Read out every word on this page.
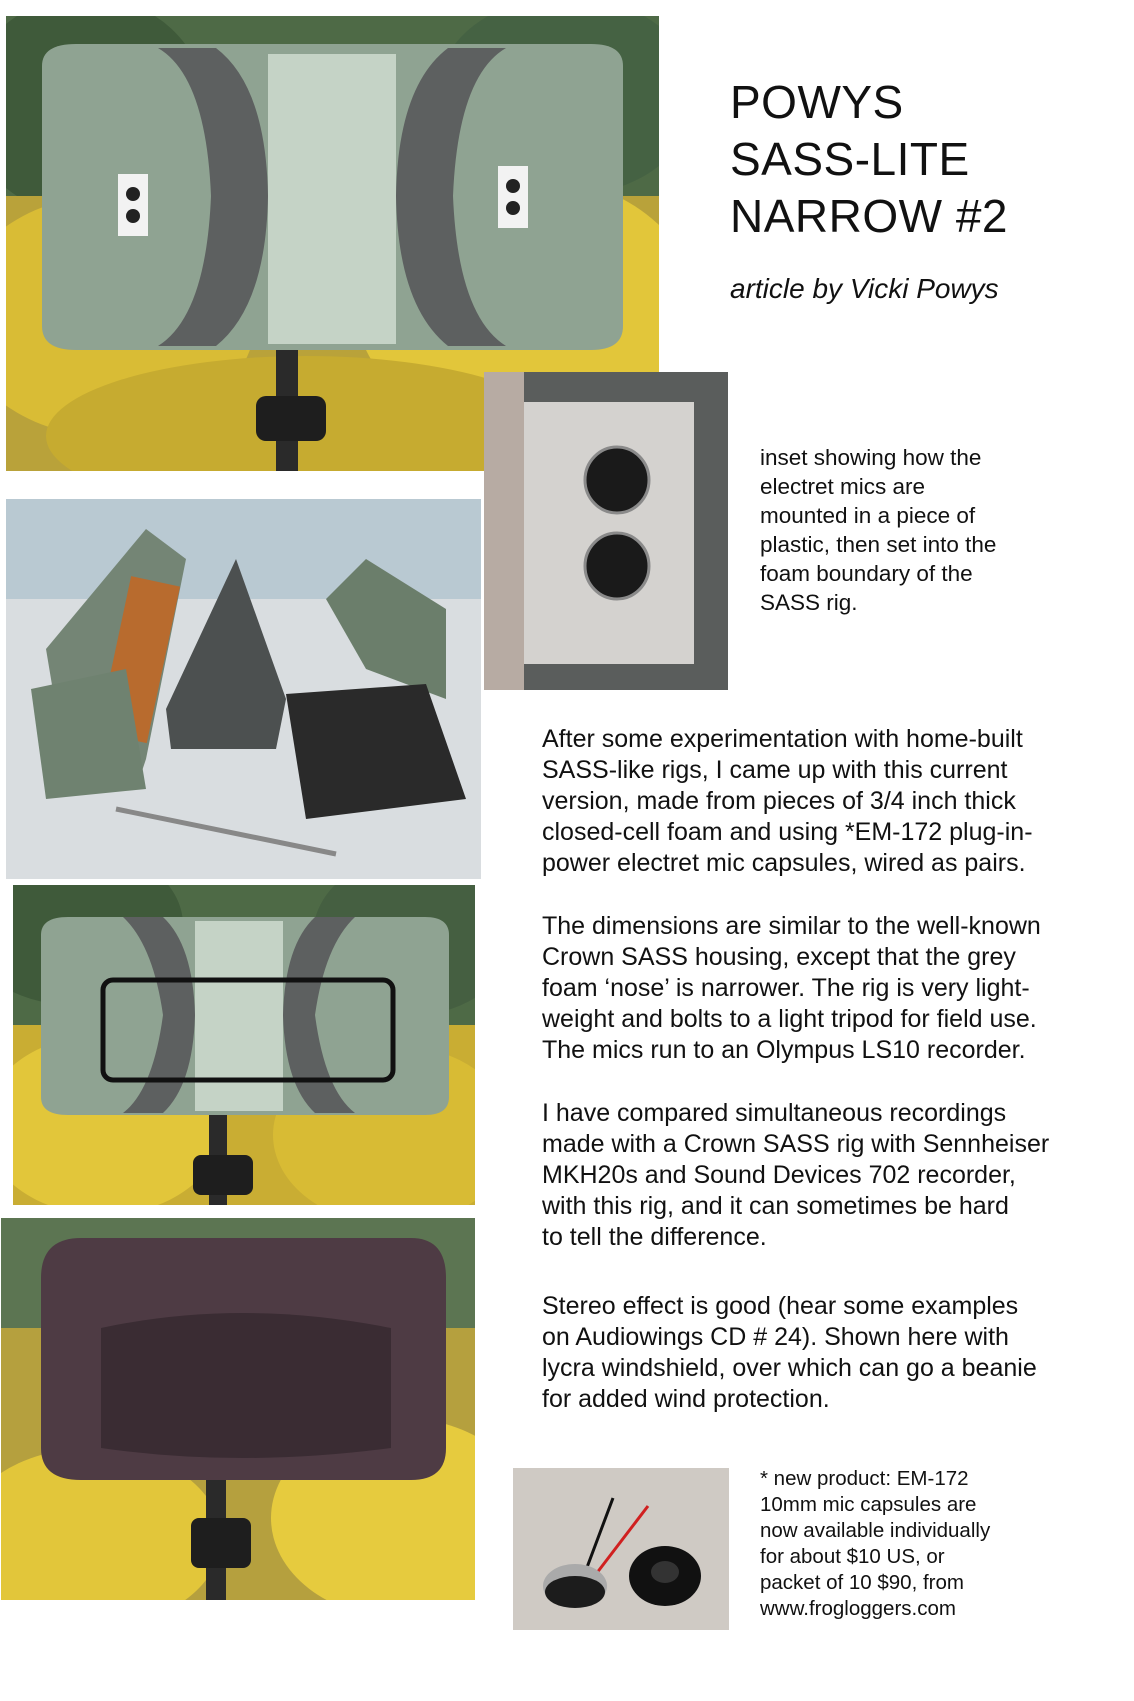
POWYS
SASS-LITE
NARROW #2
article by Vicki Powys
inset showing how the
electret mics are
mounted in a piece of
plastic, then set into the
foam boundary of the
SASS rig.
After some experimentation with home-built
SASS-like rigs, I came up with this current
version, made from pieces of 3/4 inch thick
closed-cell foam and using *EM-172 plug-in-
power electret mic capsules, wired as pairs.
The dimensions are similar to the well-known
Crown SASS housing, except that the grey
foam ‘nose’ is narrower. The rig is very light-
weight and bolts to a light tripod for field use.
The mics run to an Olympus LS10 recorder.
I have compared simultaneous recordings
made with a Crown SASS rig with Sennheiser
MKH20s and Sound Devices 702 recorder,
with this rig, and it can sometimes be hard
to tell the difference.
Stereo effect is good (hear some examples
on Audiowings CD # 24). Shown here with
lycra windshield, over which can go a beanie
for added wind protection.
* new product: EM-172
10mm mic capsules are
now available individually
for about $10 US, or
packet of 10 $90, from
www.frogloggers.com
